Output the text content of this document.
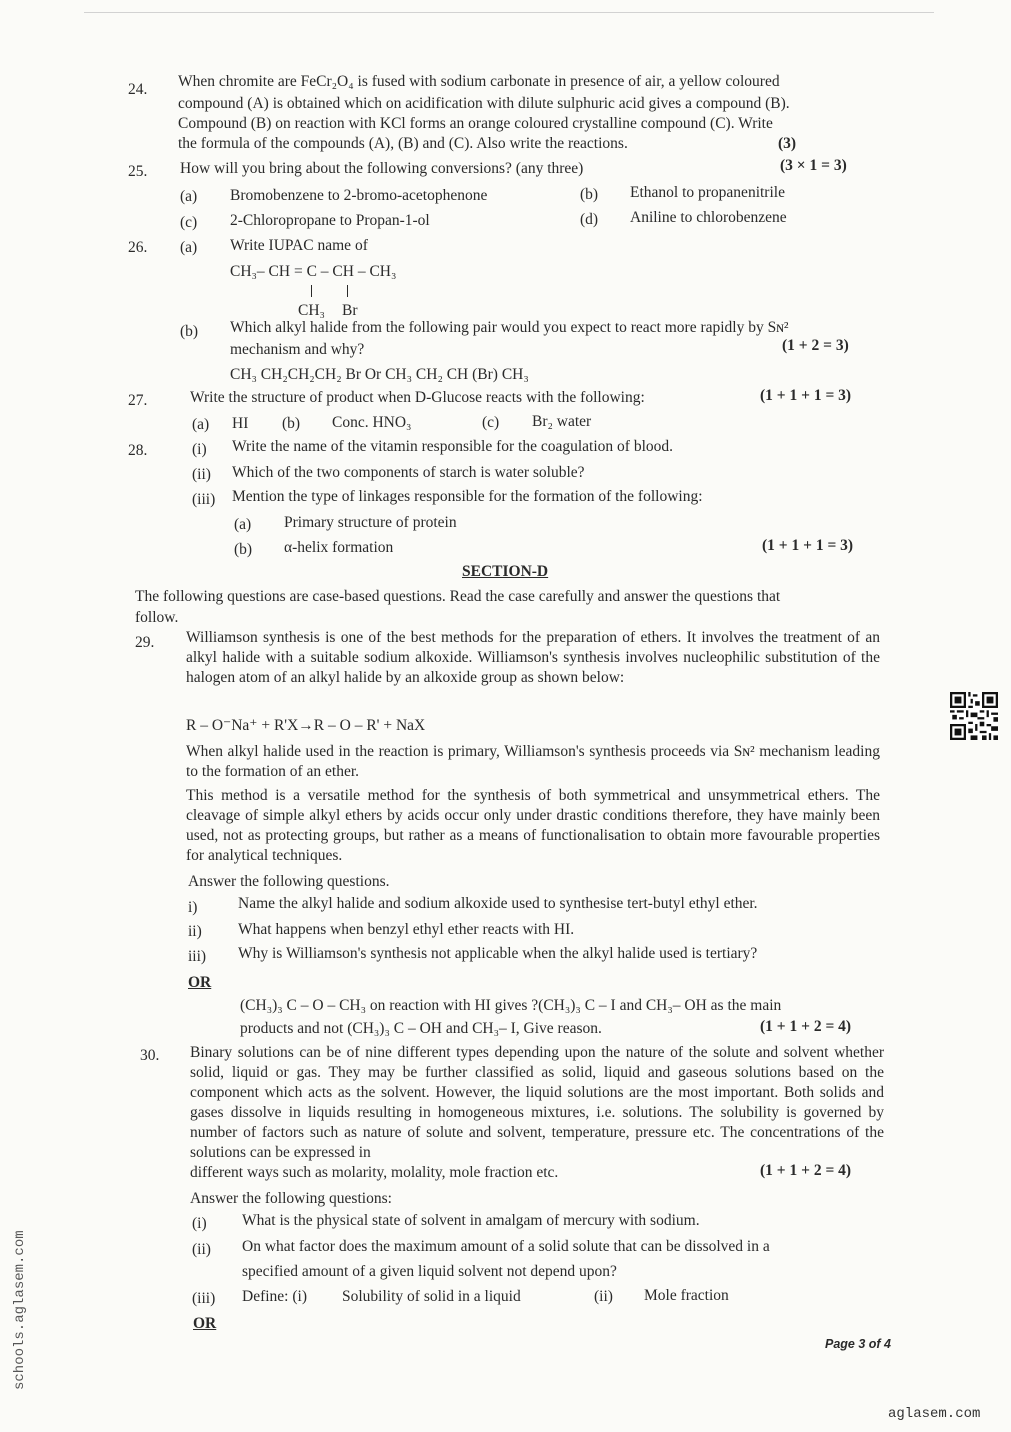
24. When chromite are FeCr₂O₄ is fused with sodium carbonate in presence of air, a yellow coloured
compound (A) is obtained which on acidification with dilute sulphuric acid gives a compound (B).
Compound (B) on reaction with KCl forms an orange coloured crystalline compound (C). Write
the formula of the compounds (A), (B) and (C). Also write the reactions.	(3)
25. How will you bring about the following conversions? (any three)	(3 × 1 = 3)
(a) Bromobenzene to 2-bromo-acetophenone	(b) Ethanol to propanenitrile
(c) 2-Chloropropane to Propan-1-ol	(d) Aniline to chlorobenzene
26. (a) Write IUPAC name of
CH₃– CH = C – CH – CH₃
CH₃ Br
(b) Which alkyl halide from the following pair would you expect to react more rapidly by Sɴ²
mechanism and why?	(1 + 2 = 3)
CH₃ CH₂CH₂CH₂ Br Or CH₃ CH₂ CH (Br) CH₃
27.	Write the structure of product when D-Glucose reacts with the following:	(1 + 1 + 1 = 3)
(a) HI (b) Conc. HNO₃	(c) Br₂ water
28.	(i) Write the name of the vitamin responsible for the coagulation of blood.
(ii) Which of the two components of starch is water soluble?
(iii) Mention the type of linkages responsible for the formation of the following:
(a) Primary structure of protein
(b) α-helix formation	(1 + 1 + 1 = 3)
SECTION-D
The following questions are case-based questions. Read the case carefully and answer the questions that
follow.
29. Williamson synthesis is one of the best methods for the preparation of ethers. It involves the treatment of an alkyl halide with a suitable sodium alkoxide. Williamson's synthesis involves nucleophilic substitution of the halogen atom of an alkyl halide by an alkoxide group as shown below:
R – O⁻Na⁺ + R'X→R – O – R' + NaX
When alkyl halide used in the reaction is primary, Williamson's synthesis proceeds via Sɴ² mechanism leading to the formation of an ether.
This method is a versatile method for the synthesis of both symmetrical and unsymmetrical ethers. The cleavage of simple alkyl ethers by acids occur only under drastic conditions therefore, they have mainly been used, not as protecting groups, but rather as a means of functionalisation to obtain more favourable properties for analytical techniques.
Answer the following questions.
i)	Name the alkyl halide and sodium alkoxide used to synthesise tert-butyl ethyl ether.
ii) What happens when benzyl ethyl ether reacts with HI.
iii) Why is Williamson's synthesis not applicable when the alkyl halide used is tertiary?
OR
(CH₃)₃ C – O – CH₃ on reaction with HI gives ?(CH₃)₃ C – I and CH₃– OH as the main
products and not (CH₃)₃ C – OH and CH₃– I, Give reason.	(1 + 1 + 2 = 4)
30. Binary solutions can be of nine different types depending upon the nature of the solute and solvent whether solid, liquid or gas. They may be further classified as solid, liquid and gaseous solutions based on the component which acts as the solvent. However, the liquid solutions are the most important. Both solids and gases dissolve in liquids resulting in homogeneous mixtures, i.e. solutions. The solubility is governed by number of factors such as nature of solute and solvent, temperature, pressure etc. The concentrations of the solutions can be expressed in
different ways such as molarity, molality, mole fraction etc.	(1 + 1 + 2 = 4)
Answer the following questions:
(i) What is the physical state of solvent in amalgam of mercury with sodium.
(ii) On what factor does the maximum amount of a solid solute that can be dissolved in a
specified amount of a given liquid solvent not depend upon?
(iii) Define: (i) Solubility of solid in a liquid	(ii) Mole fraction
OR
Page 3 of 4
aglasem.com
schools.aglasem.com
